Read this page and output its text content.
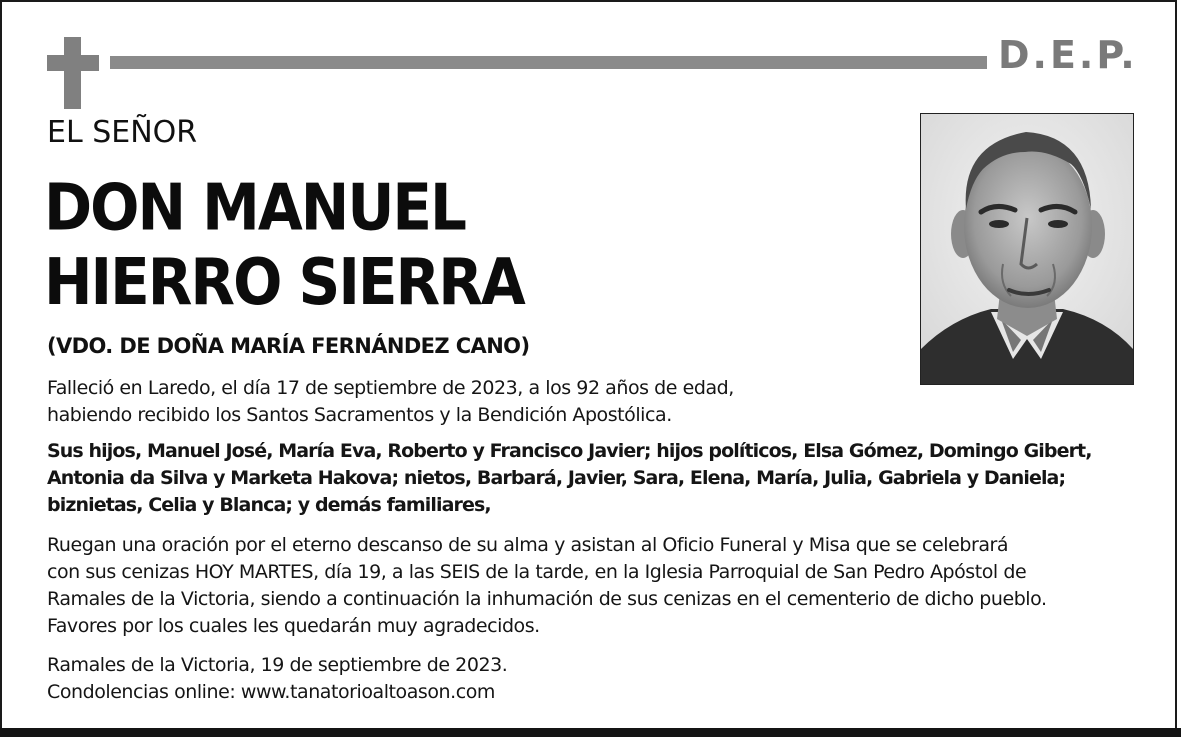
D.E.P.
EL SEÑOR
DON MANUEL
HIERRO SIERRA
(VDO. DE DOÑA MARÍA FERNÁNDEZ CANO)
Falleció en Laredo, el día 17 de septiembre de 2023, a los 92 años de edad,
habiendo recibido los Santos Sacramentos y la Bendición Apostólica.
Sus hijos, Manuel José, María Eva, Roberto y Francisco Javier; hijos políticos, Elsa Gómez, Domingo Gibert,
Antonia da Silva y Marketa Hakova; nietos, Barbará, Javier, Sara, Elena, María, Julia, Gabriela y Daniela;
biznietas, Celia y Blanca; y demás familiares,
Ruegan una oración por el eterno descanso de su alma y asistan al Oficio Funeral y Misa que se celebrará
con sus cenizas HOY MARTES, día 19, a las SEIS de la tarde, en la Iglesia Parroquial de San Pedro Apóstol de
Ramales de la Victoria, siendo a continuación la inhumación de sus cenizas en el cementerio de dicho pueblo.
Favores por los cuales les quedarán muy agradecidos.
Ramales de la Victoria, 19 de septiembre de 2023.
Condolencias online: www.tanatorioaltoason.com
